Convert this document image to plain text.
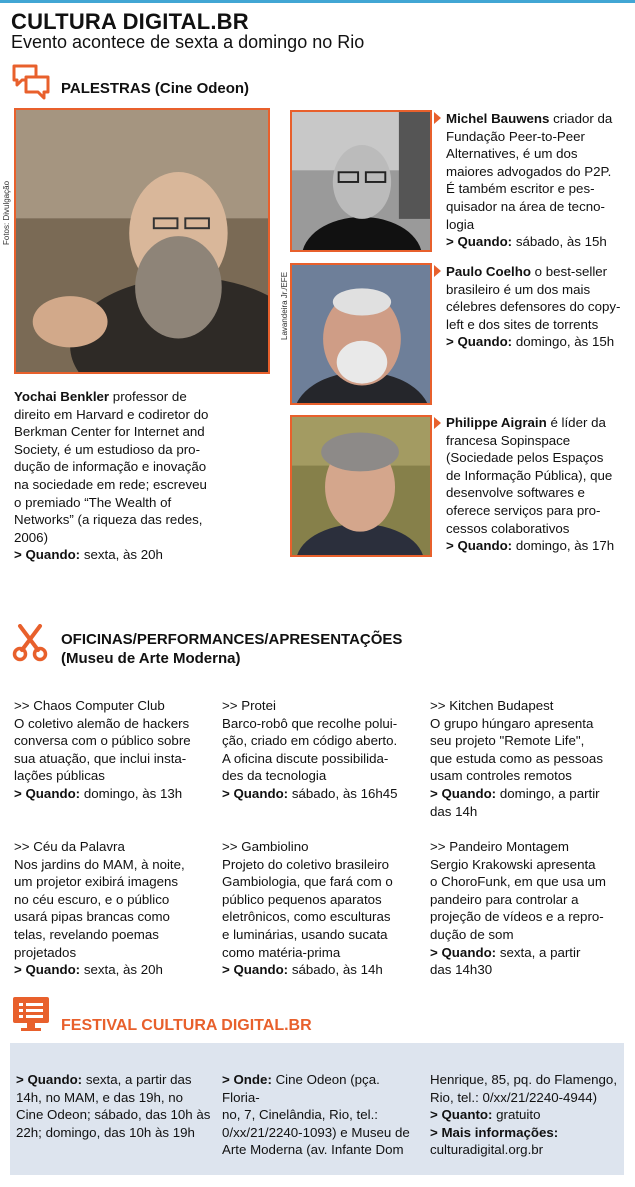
CULTURA DIGITAL.BR
Evento acontece de sexta a domingo no Rio
PALESTRAS (Cine Odeon)
Fotos: Divulgação
Lavandeira Jr./EFE
Yochai Benkler professor de
direito em Harvard e codiretor do
Berkman Center for Internet and
Society, é um estudioso da pro-
dução de informação e inovação
na sociedade em rede; escreveu
o premiado “The Wealth of
Networks” (a riqueza das redes,
2006)

> Quando: sexta, às 20h
Michel Bauwens criador da
Fundação Peer-to-Peer
Alternatives, é um dos
maiores advogados do P2P.
É também escritor e pes-
quisador na área de tecno-
logia

> Quando: sábado, às 15h
Paulo Coelho o best-seller
brasileiro é um dos mais
célebres defensores do copy-
left e dos sites de torrents

> Quando: domingo, às 15h
Philippe Aigrain é líder da
francesa Sopinspace
(Sociedade pelos Espaços
de Informação Pública), que
desenvolve softwares e
oferece serviços para pro-
cessos colaborativos

> Quando: domingo, às 17h
OFICINAS/PERFORMANCES/APRESENTAÇÕES
(Museu de Arte Moderna)
>> Chaos Computer Club
O coletivo alemão de hackers
conversa com o público sobre
sua atuação, que inclui insta-
lações públicas
> Quando: domingo, às 13h
>> Protei
Barco-robô que recolhe polui-
ção, criado em código aberto.
A oficina discute possibilida-
des da tecnologia
> Quando: sábado, às 16h45
>> Kitchen Budapest
O grupo húngaro apresenta
seu projeto "Remote Life",
que estuda como as pessoas
usam controles remotos
> Quando: domingo, a partir
das 14h
>> Céu da Palavra
Nos jardins do MAM, à noite,
um projetor exibirá imagens
no céu escuro, e o público
usará pipas brancas como
telas, revelando poemas
projetados
> Quando: sexta, às 20h
>> Gambiolino
Projeto do coletivo brasileiro
Gambiologia, que fará com o
público pequenos aparatos
eletrônicos, como esculturas
e luminárias, usando sucata
como matéria-prima
> Quando: sábado, às 14h
>> Pandeiro Montagem
Sergio Krakowski apresenta
o ChoroFunk, em que usa um
pandeiro para controlar a
projeção de vídeos e a repro-
dução de som
> Quando: sexta, a partir
das 14h30
FESTIVAL CULTURA DIGITAL.BR
> Quando: sexta, a partir das
14h, no MAM, e das 19h, no
Cine Odeon; sábado, das 10h às
22h; domingo, das 10h às 19h
> Onde: Cine Odeon (pça. Floria-
no, 7, Cinelândia, Rio, tel.:
0/xx/21/2240-1093) e Museu de
Arte Moderna (av. Infante Dom
Henrique, 85, pq. do Flamengo,
Rio, tel.: 0/xx/21/2240-4944)
> Quanto: gratuito
> Mais informações:
culturadigital.org.br
